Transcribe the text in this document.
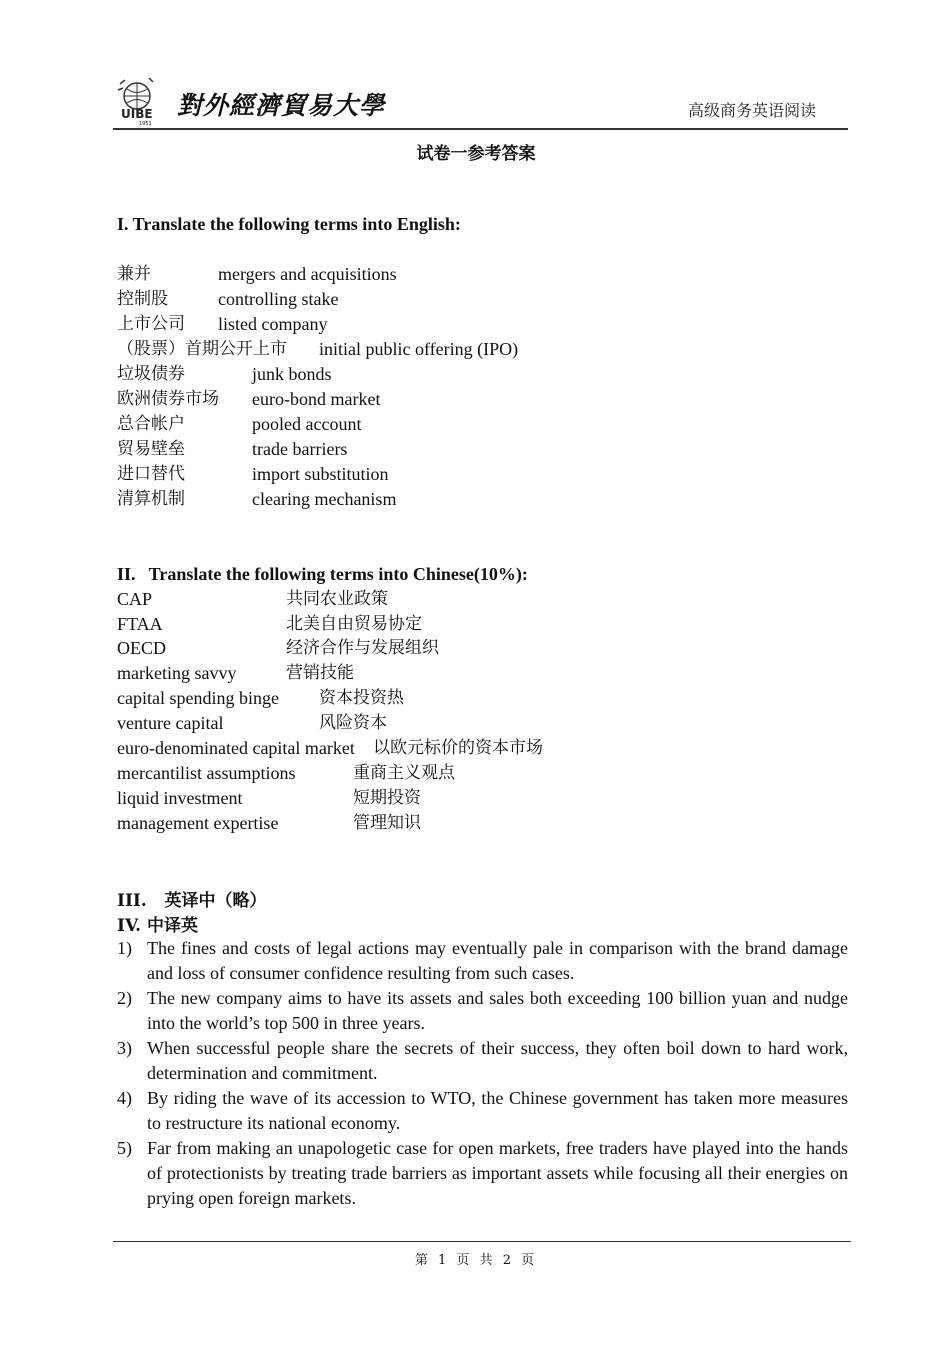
UIBE
1951
對外經濟貿易大學	高级商务英语阅读
试卷一参考答案
I. Translate the following terms into English:
兼并	mergers and acquisitions
控制股	controlling stake
上市公司 listed company
（股票）首期公开上市 initial public offering (IPO)
垃圾债券	junk bonds
欧洲债券市场 euro-bond market
总合帐户	pooled account
贸易壁垒	trade barriers
进口替代	import substitution
清算机制	clearing mechanism
II.   Translate the following terms into Chinese(10%):
CAP	共同农业政策
FTAA	北美自由贸易协定
OECD	经济合作与发展组织
marketing savvy	营销技能
capital spending binge 资本投资热
venture capital	风险资本
euro-denominated capital market 以欧元标价的资本市场
mercantilist assumptions	重商主义观点
liquid investment	短期投资
management expertise	管理知识
III.   英译中（略）
IV. 中译英
1) The fines and costs of legal actions may eventually pale in comparison with the brand damage and loss of consumer confidence resulting from such cases.
2) The new company aims to have its assets and sales both exceeding 100 billion yuan and nudge into the world’s top 500 in three years.
3) When successful people share the secrets of their success, they often boil down to hard work, determination and commitment.
4) By riding the wave of its accession to WTO, the Chinese government has taken more measures to restructure its national economy.
5) Far from making an unapologetic case for open markets, free traders have played into the hands of protectionists by treating trade barriers as important assets while focusing all their energies on prying open foreign markets.
第 1 页 共 2 页
